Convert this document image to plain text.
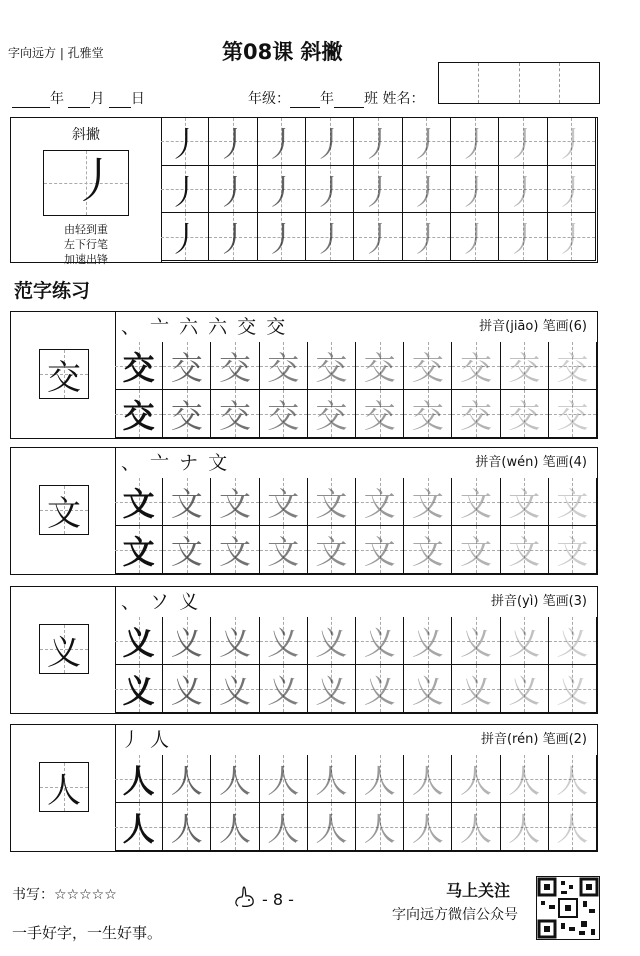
字向远方 | 孔雅堂	第08课 斜撇
年 月 日	年级： 年 班 姓名：
斜撇
丿
由轻到重
左下行笔
加速出锋
丿 丿 丿 丿 丿 丿 丿 丿 丿
丿 丿 丿 丿 丿 丿 丿 丿 丿
丿 丿 丿 丿 丿 丿 丿 丿 丿
范字练习
交
、 亠 六 六 交 交	拼音(jiāo) 笔画(6)
交 交 交 交 交 交 交 交 交 交
交 交 交 交 交 交 交 交 交 交
文
、 亠 ナ 文	拼音(wén) 笔画(4)
文 文 文 文 文 文 文 文 文 文
文 文 文 文 文 文 文 文 文 文
义
、 ソ 义	拼音(yì) 笔画(3)
义 义 义 义 义 义 义 义 义 义
义 义 义 义 义 义 义 义 义 义
人
丿 人	拼音(rén) 笔画(2)
人 人 人 人 人 人 人 人 人 人
人 人 人 人 人 人 人 人 人 人
书写：☆☆☆☆☆
一手好字，一生好事。
- 8 -	马上关注
字向远方微信公众号
